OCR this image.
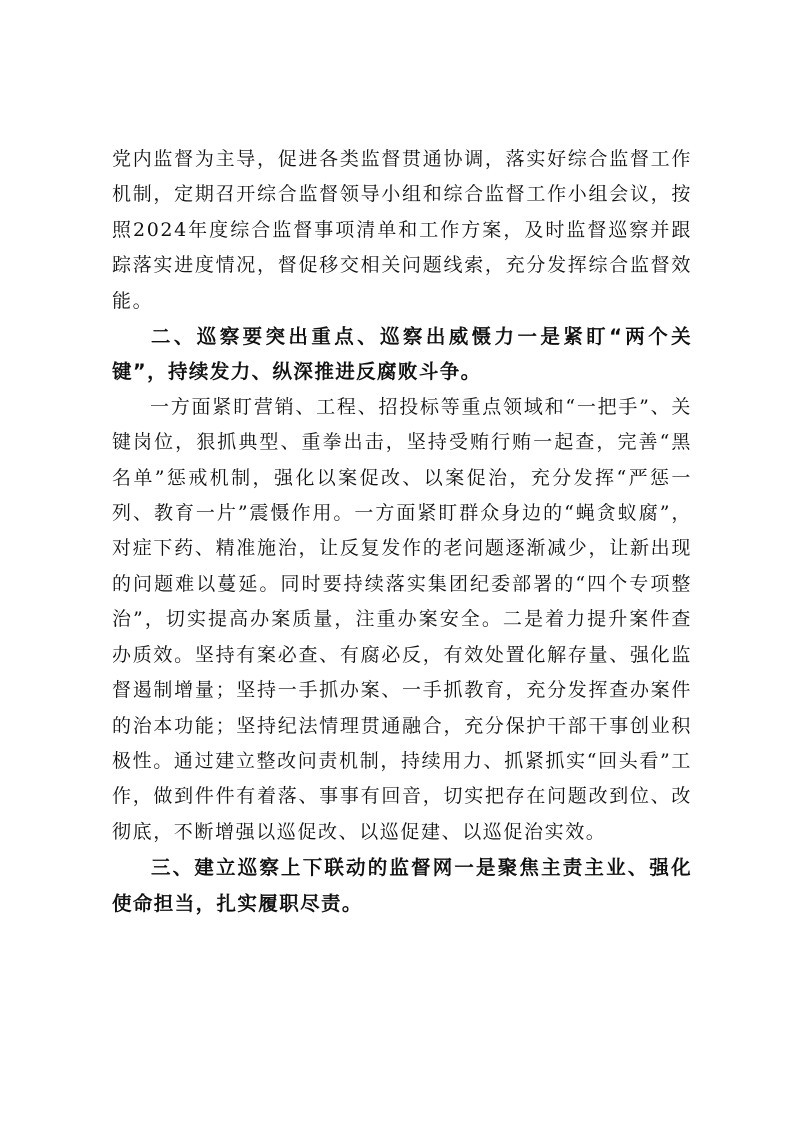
党内监督为主导，促进各类监督贯通协调，落实好综合监督工作机制，定期召开综合监督领导小组和综合监督工作小组会议，按照2024年度综合监督事项清单和工作方案，及时监督巡察并跟踪落实进度情况，督促移交相关问题线索，充分发挥综合监督效能。

二、巡察要突出重点、巡察出威慑力一是紧盯“两个关键”，持续发力、纵深推进反腐败斗争。

一方面紧盯营销、工程、招投标等重点领域和“一把手”、关键岗位，狠抓典型、重拳出击，坚持受贿行贿一起查，完善“黑名单”惩戒机制，强化以案促改、以案促治，充分发挥“严惩一列、教育一片”震慑作用。一方面紧盯群众身边的“蝇贪蚁腐”，对症下药、精准施治，让反复发作的老问题逐渐减少，让新出现的问题难以蔓延。同时要持续落实集团纪委部署的“四个专项整治”，切实提高办案质量，注重办案安全。二是着力提升案件查办质效。坚持有案必查、有腐必反，有效处置化解存量、强化监督遏制增量；坚持一手抓办案、一手抓教育，充分发挥查办案件的治本功能；坚持纪法情理贯通融合，充分保护干部干事创业积极性。通过建立整改问责机制，持续用力、抓紧抓实“回头看”工作，做到件件有着落、事事有回音，切实把存在问题改到位、改彻底，不断增强以巡促改、以巡促建、以巡促治实效。

三、建立巡察上下联动的监督网一是聚焦主责主业、强化使命担当，扎实履职尽责。
